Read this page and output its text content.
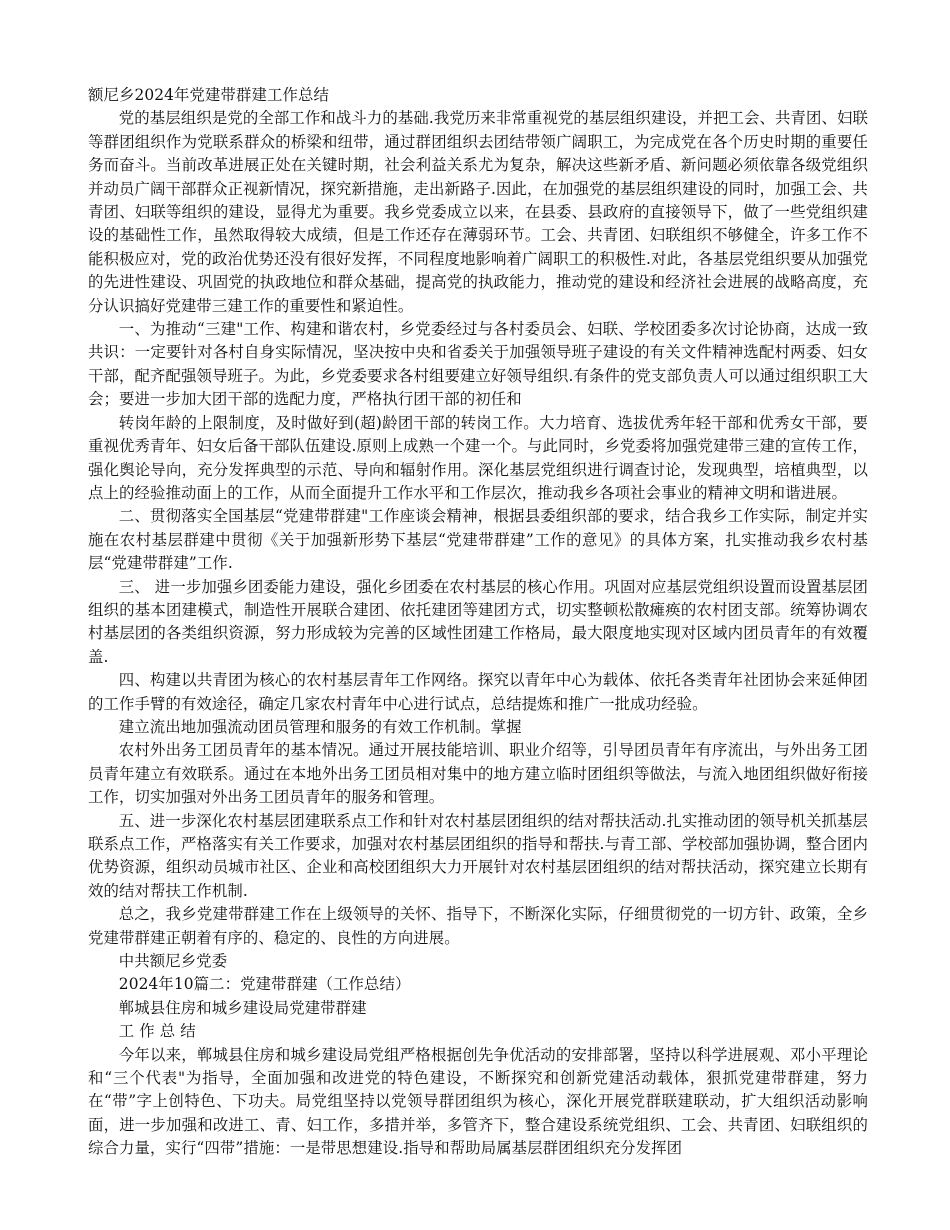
额尼乡2024年党建带群建工作总结

党的基层组织是党的全部工作和战斗力的基础.我党历来非常重视党的基层组织建设，并把工会、共青团、妇联等群团组织作为党联系群众的桥梁和纽带，通过群团组织去团结带领广阔职工，为完成党在各个历史时期的重要任务而奋斗。当前改革进展正处在关键时期，社会利益关系尤为复杂，解决这些新矛盾、新问题必须依靠各级党组织并动员广阔干部群众正视新情况，探究新措施，走出新路子.因此，在加强党的基层组织建设的同时，加强工会、共青团、妇联等组织的建设，显得尤为重要。我乡党委成立以来，在县委、县政府的直接领导下，做了一些党组织建设的基础性工作，虽然取得较大成绩，但是工作还存在薄弱环节。工会、共青团、妇联组织不够健全，许多工作不能积极应对，党的政治优势还没有很好发挥，不同程度地影响着广阔职工的积极性.对此，各基层党组织要从加强党的先进性建设、巩固党的执政地位和群众基础，提高党的执政能力，推动党的建设和经济社会进展的战略高度，充分认识搞好党建带三建工作的重要性和紧迫性。

一、为推动“三建"工作、构建和谐农村，乡党委经过与各村委员会、妇联、学校团委多次讨论协商，达成一致共识：一定要针对各村自身实际情况，坚决按中央和省委关于加强领导班子建设的有关文件精神选配村两委、妇女干部，配齐配强领导班子。为此，乡党委要求各村组要建立好领导组织.有条件的党支部负责人可以通过组织职工大会；要进一步加大团干部的选配力度，严格执行团干部的初任和

转岗年龄的上限制度，及时做好到(超)龄团干部的转岗工作。大力培育、选拔优秀年轻干部和优秀女干部，要重视优秀青年、妇女后备干部队伍建设.原则上成熟一个建一个。与此同时，乡党委将加强党建带三建的宣传工作，强化舆论导向，充分发挥典型的示范、导向和辐射作用。深化基层党组织进行调查讨论，发现典型，培植典型，以点上的经验推动面上的工作，从而全面提升工作水平和工作层次，推动我乡各项社会事业的精神文明和谐进展。

二、贯彻落实全国基层“党建带群建"工作座谈会精神，根据县委组织部的要求，结合我乡工作实际，制定并实施在农村基层群建中贯彻《关于加强新形势下基层“党建带群建”工作的意见》的具体方案，扎实推动我乡农村基层“党建带群建”工作.

三、 进一步加强乡团委能力建设，强化乡团委在农村基层的核心作用。巩固对应基层党组织设置而设置基层团组织的基本团建模式，制造性开展联合建团、依托建团等建团方式，切实整顿松散瘫痪的农村团支部。统筹协调农村基层团的各类组织资源，努力形成较为完善的区域性团建工作格局，最大限度地实现对区域内团员青年的有效覆盖.

四、构建以共青团为核心的农村基层青年工作网络。探究以青年中心为载体、依托各类青年社团协会来延伸团的工作手臂的有效途径，确定几家农村青年中心进行试点，总结提炼和推广一批成功经验。

建立流出地加强流动团员管理和服务的有效工作机制。掌握

农村外出务工团员青年的基本情况。通过开展技能培训、职业介绍等，引导团员青年有序流出，与外出务工团员青年建立有效联系。通过在本地外出务工团员相对集中的地方建立临时团组织等做法，与流入地团组织做好衔接工作，切实加强对外出务工团员青年的服务和管理。

五、进一步深化农村基层团建联系点工作和针对农村基层团组织的结对帮扶活动.扎实推动团的领导机关抓基层联系点工作，严格落实有关工作要求，加强对农村基层团组织的指导和帮扶.与青工部、学校部加强协调，整合团内优势资源，组织动员城市社区、企业和高校团组织大力开展针对农村基层团组织的结对帮扶活动，探究建立长期有效的结对帮扶工作机制.

总之，我乡党建带群建工作在上级领导的关怀、指导下，不断深化实际，仔细贯彻党的一切方针、政策，全乡党建带群建正朝着有序的、稳定的、良性的方向进展。

中共额尼乡党委

2024年10篇二：党建带群建（工作总结）

郸城县住房和城乡建设局党建带群建

工 作 总 结

今年以来，郸城县住房和城乡建设局党组严格根据创先争优活动的安排部署，坚持以科学进展观、邓小平理论和“三个代表"为指导，全面加强和改进党的特色建设，不断探究和创新党建活动载体，狠抓党建带群建，努力在“带”字上创特色、下功夫。局党组坚持以党领导群团组织为核心，深化开展党群联建联动，扩大组织活动影响面，进一步加强和改进工、青、妇工作，多措并举，多管齐下，整合建设系统党组织、工会、共青团、妇联组织的综合力量，实行“四带”措施：一是带思想建设.指导和帮助局属基层群团组织充分发挥团
